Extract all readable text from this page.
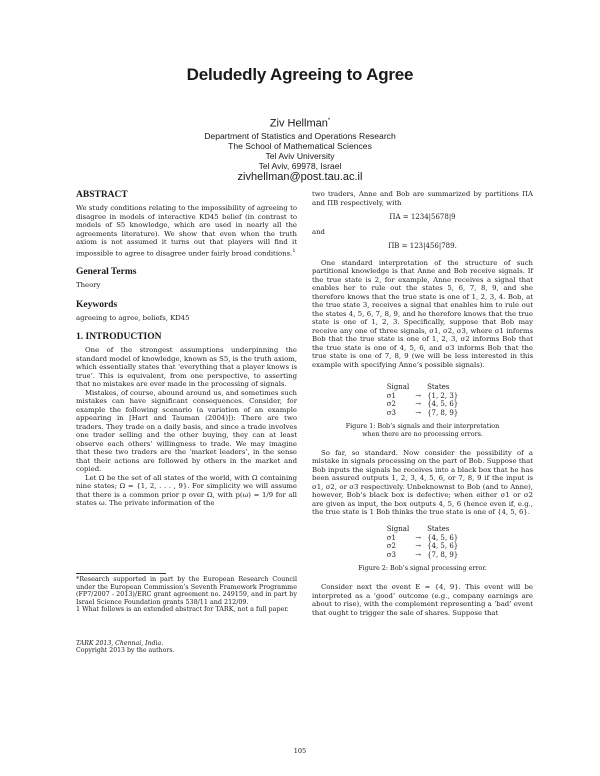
Deludedly Agreeing to Agree
Ziv Hellman*
Department of Statistics and Operations Research
The School of Mathematical Sciences
Tel Aviv University
Tel Aviv, 69978, Israel
zivhellman@post.tau.ac.il
ABSTRACT

We study conditions relating to the impossibility of agreeing to disagree in models of interactive KD45 belief (in contrast to models of S5 knowledge, which are used in nearly all the agreements literature). We show that even when the truth axiom is not assumed it turns out that players will find it impossible to agree to disagree under fairly broad conditions.$^1$

General Terms

Theory

Keywords

agreeing to agree, beliefs, KD45

1. INTRODUCTION

One of the strongest assumptions underpinning the standard model of knowledge, known as S5, is the truth axiom, which essentially states that ‘everything that a player knows is true’. This is equivalent, from one perspective, to asserting that no mistakes are ever made in the processing of signals.

Mistakes, of course, abound around us, and sometimes such mistakes can have significant consequences. Consider, for example the following scenario (a variation of an example appearing in [Hart and Tauman (2004)]): There are two traders. They trade on a daily basis, and since a trade involves one trader selling and the other buying, they can at least observe each others’ willingness to trade. We may imagine that these two traders are the ‘market leaders’, in the sense that their actions are followed by others in the market and copied.

Let Ω be the set of all states of the world, with Ω containing nine states; Ω = {1, 2, . . . , 9}. For simplicity we will assume that there is a common prior p over Ω, with p(ω) = 1/9 for all states ω. The private information of the

*Research supported in part by the European Research Council under the European Commission’s Seventh Framework Programme (FP7/2007 - 2013)/ERC grant agreement no. 249159, and in part by Israel Science Foundation grants 538/11 and 212/09.
1 What follows is an extended abstract for TARK, not a full paper.
TARK 2013, Chennai, India.
Copyright 2013 by the authors.

two traders, Anne and Bob are summarized by partitions ΠA and ΠB respectively, with

ΠA = 1234|5678|9

and

ΠB = 123|456|789.

One standard interpretation of the structure of such partitional knowledge is that Anne and Bob receive signals. If the true state is 2, for example, Anne receives a signal that enables her to rule out the states 5, 6, 7, 8, 9, and she therefore knows that the true state is one of 1, 2, 3, 4. Bob, at the true state 3, receives a signal that enables him to rule out the states 4, 5, 6, 7, 8, 9, and he therefore knows that the true state is one of 1, 2, 3. Specifically, suppose that Bob may receive any one of three signals, σ1, σ2, σ3, where σ1 informs Bob that the true state is one of 1, 2, 3, σ2 informs Bob that the true state is one of 4, 5, 6, and σ3 informs Bob that the true state is one of 7, 8, 9 (we will be less interested in this example with specifying Anne’s possible signals).

Signal		States
σ1	→	{1, 2, 3}
σ2	→	{4, 5, 6}
σ3	→	{7, 8, 9}
Figure 1: Bob’s signals and their interpretation
when there are no processing errors.

So far, so standard. Now consider the possibility of a mistake in signals processing on the part of Bob. Suppose that Bob inputs the signals he receives into a black box that he has been assured outputs 1, 2, 3, 4, 5, 6, or 7, 8, 9 if the input is σ1, σ2, or σ3 respectively. Unbeknownst to Bob (and to Anne), however, Bob’s black box is defective; when either σ1 or σ2 are given as input, the box outputs 4, 5, 6 (hence even if, e.g., the true state is 1 Bob thinks the true state is one of {4, 5, 6}.

Signal		States
σ1	→	{4, 5, 6}
σ2	→	{4, 5, 6}
σ3	→	{7, 8, 9}
Figure 2: Bob’s signal processing error.

Consider next the event E = {4, 9}. This event will be interpreted as a ‘good’ outcome (e.g., company earnings are about to rise), with the complement representing a ‘bad’ event that ought to trigger the sale of shares. Suppose that

105
